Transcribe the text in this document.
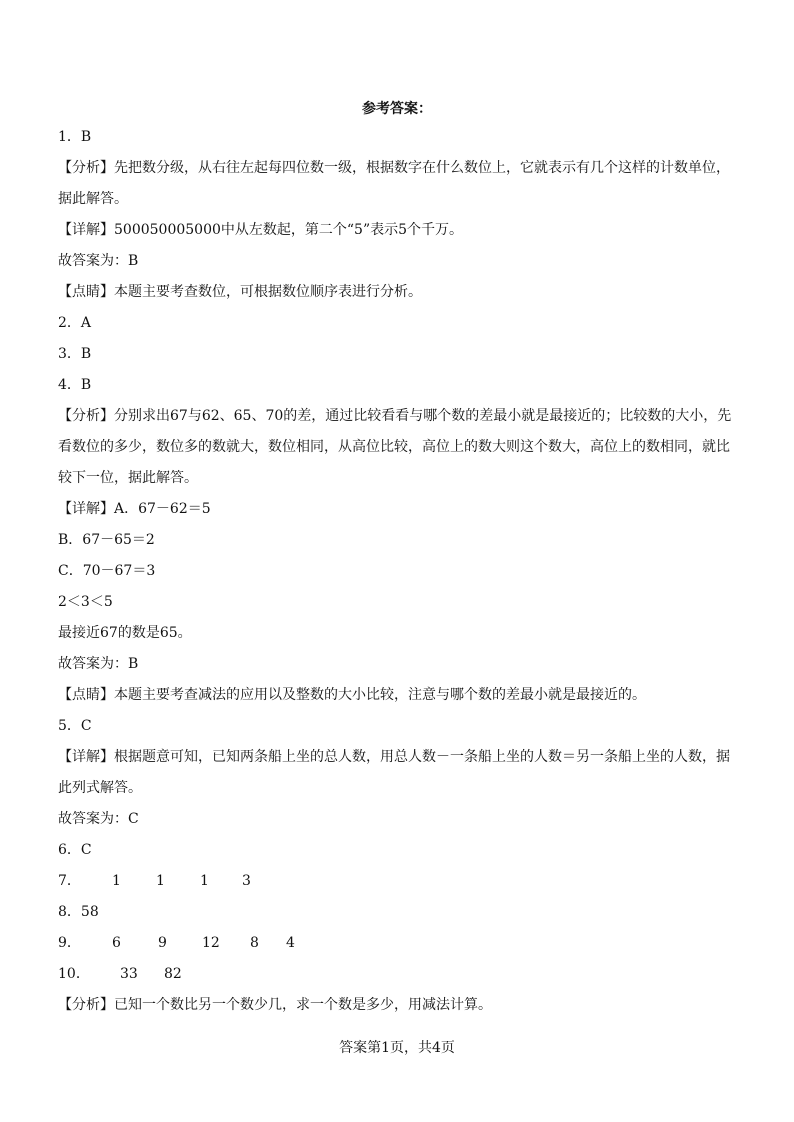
参考答案：
1．B
【分析】先把数分级，从右往左起每四位数一级，根据数字在什么数位上，它就表示有几个这样的计数单位，据此解答。
【详解】500050005000中从左数起，第二个“5”表示5个千万。
故答案为：B
【点睛】本题主要考查数位，可根据数位顺序表进行分析。
2．A
3．B
4．B
【分析】分别求出67与62、65、70的差，通过比较看看与哪个数的差最小就是最接近的；比较数的大小，先看数位的多少，数位多的数就大，数位相同，从高位比较，高位上的数大则这个数大，高位上的数相同，就比较下一位，据此解答。
【详解】A．67－62＝5
B．67－65＝2
C．70－67＝3
2＜3＜5
最接近67的数是65。
故答案为：B
【点睛】本题主要考查减法的应用以及整数的大小比较，注意与哪个数的差最小就是最接近的。
5．C
【详解】根据题意可知，已知两条船上坐的总人数，用总人数－一条船上坐的人数＝另一条船上坐的人数，据此列式解答。
故答案为：C
6．C
7． 1	1	1 3
8．58
9． 6	9	12 8 4
10． 33 82
【分析】已知一个数比另一个数少几，求一个数是多少，用减法计算。
答案第1页，共4页
